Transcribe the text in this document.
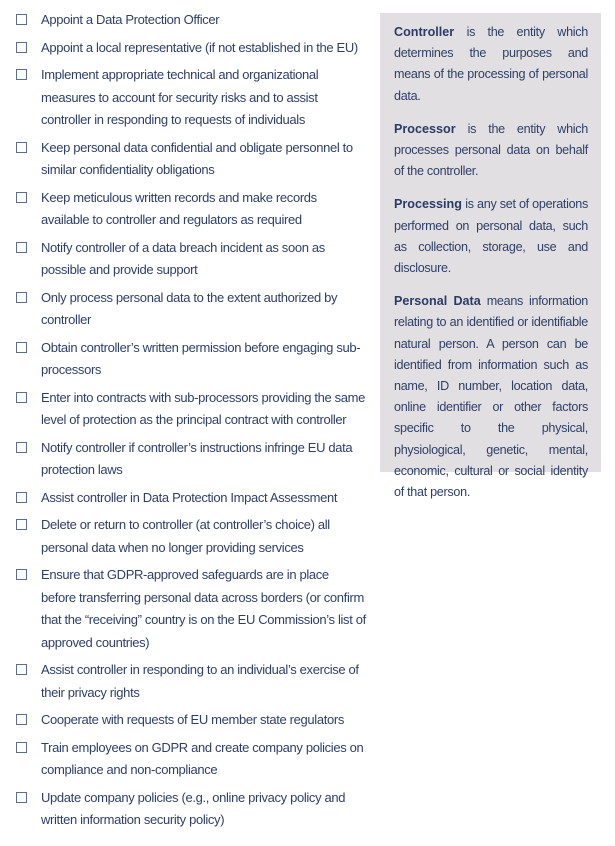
Appoint a Data Protection Officer
Appoint a local representative (if not established in the EU)
Implement appropriate technical and organizational measures to account for security risks and to assist controller in responding to requests of individuals
Keep personal data confidential and obligate personnel to similar confidentiality obligations
Keep meticulous written records and make records available to controller and regulators as required
Notify controller of a data breach incident as soon as possible and provide support
Only process personal data to the extent authorized by controller
Obtain controller’s written permission before engaging sub-processors
Enter into contracts with sub-processors providing the same level of protection as the principal contract with controller
Notify controller if controller’s instructions infringe EU data protection laws
Assist controller in Data Protection Impact Assessment
Delete or return to controller (at controller’s choice) all personal data when no longer providing services
Ensure that GDPR-approved safeguards are in place before transferring personal data across borders (or confirm that the “receiving” country is on the EU Commission’s list of approved countries)
Assist controller in responding to an individual’s exercise of their privacy rights
Cooperate with requests of EU member state regulators
Train employees on GDPR and create company policies on compliance and non-compliance
Update company policies (e.g., online privacy policy and written information security policy)

Controller is the entity which determines the purposes and means of the processing of personal data.

Processor is the entity which processes personal data on behalf of the controller.

Processing is any set of operations performed on personal data, such as collection, storage, use and disclosure.

Personal Data means information relating to an identified or identifiable natural person. A person can be identified from information such as name, ID number, location data, online identifier or other factors specific to the physical, physiological, genetic, mental, economic, cultural or social identity of that person.
